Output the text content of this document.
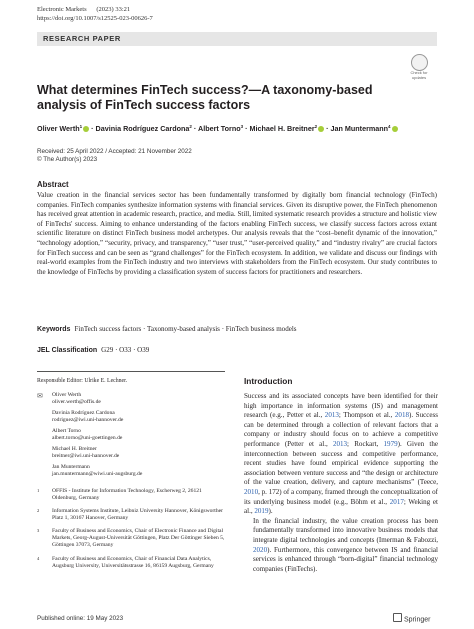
Electronic Markets (2023) 33:21
https://doi.org/10.1007/s12525-023-00626-7
RESEARCH PAPER
Check for updates
What determines FinTech success?—A taxonomy-based analysis of FinTech success factors
Oliver Werth$^1$ · Davinia Rodríguez Cardona$^2$ · Albert Torno$^3$ · Michael H. Breitner$^2$ · Jan Muntermann$^4$
Received: 25 April 2022 / Accepted: 21 November 2022
© The Author(s) 2023
Abstract

Value creation in the financial services sector has been fundamentally transformed by digitally born financial technology (FinTech) companies. FinTech companies synthesize information systems with financial services. Given its disruptive power, the FinTech phenomenon has received great attention in academic research, practice, and media. Still, limited systematic research provides a structure and holistic view of FinTechs' success. Aiming to enhance understanding of the factors enabling FinTech success, we classify success factors across extant scientific literature on distinct FinTech business model archetypes. Our analysis reveals that the “cost–benefit dynamic of the innovation,” “technology adoption,” “security, privacy, and transparency,” “user trust,” “user-perceived quality,” and “industry rivalry” are crucial factors for FinTech success and can be seen as “grand challenges” for the FinTech ecosystem. In addition, we validate and discuss our findings with real-world examples from the FinTech industry and two interviews with stakeholders from the FinTech ecosystem. Our study contributes to the knowledge of FinTechs by providing a classification system of success factors for practitioners and researchers.

Keywords FinTech success factors · Taxonomy-based analysis · FinTech business models
JEL Classification G29 · O33 · O39
Responsible Editor: Ulrike E. Lechner.
✉ Oliver Werth
oliver.werth@offis.de
Davinia Rodríguez Cardona
rodriguez@iwi.uni-hannover.de
Albert Torno
albert.torno@uni-goettingen.de
Michael H. Breitner
breitner@iwi.uni-hannover.de
Jan Muntermann
jan.muntermann@wiwi.uni-augsburg.de
1 OFFIS - Institute for Information Technology, Escherweg 2, 26121 Oldenburg, Germany
2 Information Systems Institute, Leibniz University Hannover, Königsworther Platz 1, 30167 Hanover, Germany
3 Faculty of Business and Economics, Chair of Electronic Finance and Digital Markets, Georg-August-Universität Göttingen, Platz Der Göttinger Sieben 5, Göttingen 37073, Germany
4 Faculty of Business and Economics, Chair of Financial Data Analytics, Augsburg University, Universitätsstrasse 16, 86159 Augsburg, Germany
Introduction
Success and its associated concepts have been identified for their high importance in information systems (IS) and management research (e.g., Petter et al., 2013; Thompson et al., 2018). Success can be determined through a collection of relevant factors that a company or industry should focus on to achieve a competitive performance (Petter et al., 2013; Rockart, 1979). Given the interconnection between success and competitive performance, recent studies have found empirical evidence supporting the association between venture success and “the design or architecture of the value creation, delivery, and capture mechanisms” (Teece, 2010, p. 172) of a company, framed through the conceptualization of its underlying business model (e.g., Böhm et al., 2017; Weking et al., 2019).
In the financial industry, the value creation process has been fundamentally transformed into innovative business models that integrate digital technologies and concepts (Imerman & Fabozzi, 2020). Furthermore, this convergence between IS and financial services is enhanced through “born-digital” financial technology companies (FinTechs).
Published online: 19 May 2023	Springer
